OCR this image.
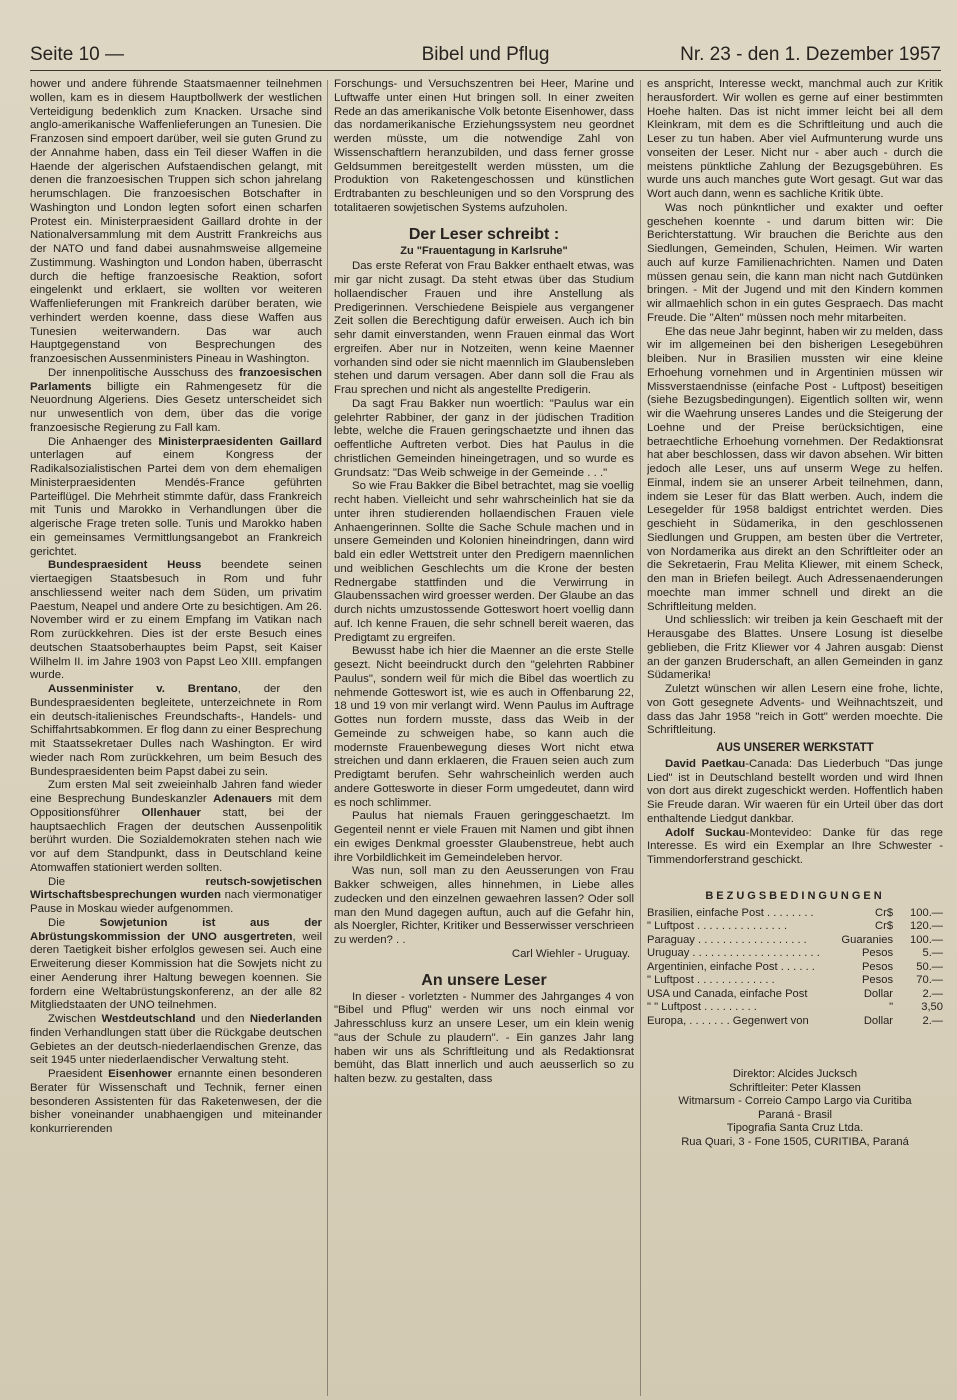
Seite 10 —	Bibel und Pflug	Nr. 23 - den 1. Dezember 1957

hower und andere führende Staatsmaenner teilnehmen wollen, kam es in diesem Hauptbollwerk der westlichen Verteidigung bedenklich zum Knacken. Ursache sind anglo-amerikanische Waffenlieferungen an Tunesien. Die Franzosen sind empoert darüber, weil sie guten Grund zu der Annahme haben, dass ein Teil dieser Waffen in die Haende der algerischen Aufstaendischen gelangt, mit denen die franzoesischen Truppen sich schon jahrelang herumschlagen. Die franzoesischen Botschafter in Washington und London legten sofort einen scharfen Protest ein. Ministerpraesident Gaillard drohte in der Nationalversammlung mit dem Austritt Frankreichs aus der NATO und fand dabei ausnahmsweise allgemeine Zustimmung. Washington und London haben, überrascht durch die heftige franzoesische Reaktion, sofort eingelenkt und erklaert, sie wollten vor weiteren Waffenlieferungen mit Frankreich darüber beraten, wie verhindert werden koenne, dass diese Waffen aus Tunesien weiterwandern. Das war auch Hauptgegenstand von Besprechungen des franzoesischen Aussenministers Pineau in Washington.

Der innenpolitische Ausschuss des franzoesischen Parlaments billigte ein Rahmengesetz für die Neuordnung Algeriens. Dies Gesetz unterscheidet sich nur unwesentlich von dem, über das die vorige franzoesische Regierung zu Fall kam.

Die Anhaenger des Ministerpraesidenten Gaillard unterlagen auf einem Kongress der Radikalsozialistischen Partei dem von dem ehemaligen Ministerpraesidenten Mendés-France geführten Parteiflügel. Die Mehrheit stimmte dafür, dass Frankreich mit Tunis und Marokko in Verhandlungen über die algerische Frage treten solle. Tunis und Marokko haben ein gemeinsames Vermittlungsangebot an Frankreich gerichtet.

Bundespraesident Heuss beendete seinen viertaegigen Staatsbesuch in Rom und fuhr anschliessend weiter nach dem Süden, um privatim Paestum, Neapel und andere Orte zu besichtigen. Am 26. November wird er zu einem Empfang im Vatikan nach Rom zurückkehren. Dies ist der erste Besuch eines deutschen Staatsoberhauptes beim Papst, seit Kaiser Wilhelm II. im Jahre 1903 von Papst Leo XIII. empfangen wurde.

Aussenminister v. Brentano, der den Bundespraesidenten begleitete, unterzeichnete in Rom ein deutsch-italienisches Freundschafts-, Handels- und Schiffahrtsabkommen. Er flog dann zu einer Besprechung mit Staatssekretaer Dulles nach Washington. Er wird wieder nach Rom zurückkehren, um beim Besuch des Bundespraesidenten beim Papst dabei zu sein.

Zum ersten Mal seit zweieinhalb Jahren fand wieder eine Besprechung Bundeskanzler Adenauers mit dem Oppositionsführer Ollenhauer statt, bei der hauptsaechlich Fragen der deutschen Aussenpolitik berührt wurden. Die Sozialdemokraten stehen nach wie vor auf dem Standpunkt, dass in Deutschland keine Atomwaffen stationiert werden sollten.

Die reutsch-sowjetischen Wirtschaftsbesprechungen wurden nach viermonatiger Pause in Moskau wieder aufgenommen.

Die Sowjetunion ist aus der Abrüstungskommission der UNO ausgertreten, weil deren Taetigkeit bisher erfolglos gewesen sei. Auch eine Erweiterung dieser Kommission hat die Sowjets nicht zu einer Aenderung ihrer Haltung bewegen koennen. Sie fordern eine Weltabrüstungskonferenz, an der alle 82 Mitgliedstaaten der UNO teilnehmen.

Zwischen Westdeutschland und den Niederlanden finden Verhandlungen statt über die Rückgabe deutschen Gebietes an der deutsch-niederlaendischen Grenze, das seit 1945 unter niederlaendischer Verwaltung steht.

Praesident Eisenhower ernannte einen besonderen Berater für Wissenschaft und Technik, ferner einen besonderen Assistenten für das Raketenwesen, der die bisher voneinander unabhaengigen und miteinander konkurrierenden

Forschungs- und Versuchszentren bei Heer, Marine und Luftwaffe unter einen Hut bringen soll. In einer zweiten Rede an das amerikanische Volk betonte Eisenhower, dass das nordamerikanische Erziehungssystem neu geordnet werden müsste, um die notwendige Zahl von Wissenschaftlern heranzubilden, und dass ferner grosse Geldsummen bereitgestellt werden müssten, um die Produktion von Raketengeschossen und künstlichen Erdtrabanten zu beschleunigen und so den Vorsprung des totalitaeren sowjetischen Systems aufzuholen.

Der Leser schreibt :
Zu "Frauentagung in Karlsruhe"

Das erste Referat von Frau Bakker enthaelt etwas, was mir gar nicht zusagt. Da steht etwas über das Studium hollaendischer Frauen und ihre Anstellung als Predigerinnen. Verschiedene Beispiele aus vergangener Zeit sollen die Berechtigung dafür erweisen. Auch ich bin sehr damit einverstanden, wenn Frauen einmal das Wort ergreifen. Aber nur in Notzeiten, wenn keine Maenner vorhanden sind oder sie nicht maennlich im Glaubensleben stehen und darum versagen. Aber dann soll die Frau als Frau sprechen und nicht als angestellte Predigerin.

Da sagt Frau Bakker nun woertlich: "Paulus war ein gelehrter Rabbiner, der ganz in der jüdischen Tradition lebte, welche die Frauen geringschaetzte und ihnen das oeffentliche Auftreten verbot. Dies hat Paulus in die christlichen Gemeinden hineingetragen, und so wurde es Grundsatz: "Das Weib schweige in der Gemeinde . . ."

So wie Frau Bakker die Bibel betrachtet, mag sie voellig recht haben. Vielleicht und sehr wahrscheinlich hat sie da unter ihren studierenden hollaendischen Frauen viele Anhaengerinnen. Sollte die Sache Schule machen und in unsere Gemeinden und Kolonien hineindringen, dann wird bald ein edler Wettstreit unter den Predigern maennlichen und weiblichen Geschlechts um die Krone der besten Rednergabe stattfinden und die Verwirrung in Glaubenssachen wird groesser werden. Der Glaube an das durch nichts umzustossende Gotteswort hoert voellig dann auf. Ich kenne Frauen, die sehr schnell bereit waeren, das Predigtamt zu ergreifen.

Bewusst habe ich hier die Maenner an die erste Stelle gesezt. Nicht beeindruckt durch den "gelehrten Rabbiner Paulus", sondern weil für mich die Bibel das woertlich zu nehmende Gotteswort ist, wie es auch in Offenbarung 22, 18 und 19 von mir verlangt wird. Wenn Paulus im Auftrage Gottes nun fordern musste, dass das Weib in der Gemeinde zu schweigen habe, so kann auch die modernste Frauenbewegung dieses Wort nicht etwa streichen und dann erklaeren, die Frauen seien auch zum Predigtamt berufen. Sehr wahrscheinlich werden auch andere Gottesworte in dieser Form umgedeutet, dann wird es noch schlimmer.

Paulus hat niemals Frauen geringgeschaetzt. Im Gegenteil nennt er viele Frauen mit Namen und gibt ihnen ein ewiges Denkmal groesster Glaubenstreue, hebt auch ihre Vorbildlichkeit im Gemeindeleben hervor.

Was nun, soll man zu den Aeusserungen von Frau Bakker schweigen, alles hinnehmen, in Liebe alles zudecken und den einzelnen gewaehren lassen? Oder soll man den Mund dagegen auftun, auch auf die Gefahr hin, als Noergler, Richter, Kritiker und Besserwisser verschrieen zu werden? . .

Carl Wiehler - Uruguay.
An unsere Leser

In dieser - vorletzten - Nummer des Jahrganges 4 von "Bibel und Pflug" werden wir uns noch einmal vor Jahresschluss kurz an unsere Leser, um ein klein wenig "aus der Schule zu plaudern". - Ein ganzes Jahr lang haben wir uns als Schriftleitung und als Redaktionsrat bemüht, das Blatt innerlich und auch aeusserlich so zu halten bezw. zu gestalten, dass

es anspricht, Interesse weckt, manchmal auch zur Kritik herausfordert. Wir wollen es gerne auf einer bestimmten Hoehe halten. Das ist nicht immer leicht bei all dem Kleinkram, mit dem es die Schriftleitung und auch die Leser zu tun haben. Aber viel Aufmunterung wurde uns vonseiten der Leser. Nicht nur - aber auch - durch die meistens pünktliche Zahlung der Bezugsgebühren. Es wurde uns auch manches gute Wort gesagt. Gut war das Wort auch dann, wenn es sachliche Kritik übte.

Was noch pünkntlicher und exakter und oefter geschehen koennte - und darum bitten wir: Die Berichterstattung. Wir brauchen die Berichte aus den Siedlungen, Gemeinden, Schulen, Heimen. Wir warten auch auf kurze Familienachrichten. Namen und Daten müssen genau sein, die kann man nicht nach Gutdünken bringen. - Mit der Jugend und mit den Kindern kommen wir allmaehlich schon in ein gutes Gespraech. Das macht Freude. Die "Alten" müssen noch mehr mitarbeiten.

Ehe das neue Jahr beginnt, haben wir zu melden, dass wir im allgemeinen bei den bisherigen Lesegebühren bleiben. Nur in Brasilien mussten wir eine kleine Erhoehung vornehmen und in Argentinien müssen wir Missverstaendnisse (einfache Post - Luftpost) beseitigen (siehe Bezugsbedingungen). Eigentlich sollten wir, wenn wir die Waehrung unseres Landes und die Steigerung der Loehne und der Preise berücksichtigen, eine betraechtliche Erhoehung vornehmen. Der Redaktionsrat hat aber beschlossen, dass wir davon absehen. Wir bitten jedoch alle Leser, uns auf unserm Wege zu helfen. Einmal, indem sie an unserer Arbeit teilnehmen, dann, indem sie Leser für das Blatt werben. Auch, indem die Lesegelder für 1958 baldigst entrichtet werden. Dies geschieht in Südamerika, in den geschlossenen Siedlungen und Gruppen, am besten über die Vertreter, von Nordamerika aus direkt an den Schriftleiter oder an die Sekretaerin, Frau Melita Kliewer, mit einem Scheck, den man in Briefen beilegt. Auch Adressenaenderungen moechte man immer schnell und direkt an die Schriftleitung melden.

Und schliesslich: wir treiben ja kein Geschaeft mit der Herausgabe des Blattes. Unsere Losung ist dieselbe geblieben, die Fritz Kliewer vor 4 Jahren ausgab: Dienst an der ganzen Bruderschaft, an allen Gemeinden in ganz Südamerika!

Zuletzt wünschen wir allen Lesern eine frohe, lichte, von Gott gesegnete Advents- und Weihnachtszeit, und dass das Jahr 1958 "reich in Gott" werden moechte. Die Schriftleitung.

AUS UNSERER WERKSTATT

David Paetkau-Canada: Das Liederbuch "Das junge Lied" ist in Deutschland bestellt worden und wird Ihnen von dort aus direkt zugeschickt werden. Hoffentlich haben Sie Freude daran. Wir waeren für ein Urteil über das dort enthaltende Liedgut dankbar.

Adolf Suckau-Montevideo: Danke für das rege Interesse. Es wird ein Exemplar an Ihre Schwester - Timmendorferstrand geschickt.

BEZUGSBEDINGUNGEN
Brasilien, einfache Post . . . . . . . .	Cr$	100.—
" Luftpost . . . . . . . . . . . . . . .	Cr$	120.—
Paraguay . . . . . . . . . . . . . . . . . .	Guaranies	100.—
Uruguay . . . . . . . . . . . . . . . . . . . . .	Pesos	5.—
Argentinien, einfache Post . . . . . .	Pesos	50.—
" Luftpost . . . . . . . . . . . . .	Pesos	70.—
USA und Canada, einfache Post	Dollar	2.—
" " Luftpost . . . . . . . . .	"	3,50
Europa, . . . . . . . Gegenwert von	Dollar	2.—
Direktor: Alcides Jucksch
Schriftleiter: Peter Klassen
Witmarsum - Correio Campo Largo via Curitiba
Paraná - Brasil
Tipografia Santa Cruz Ltda.
Rua Quari, 3 - Fone 1505, CURITIBA, Paraná
